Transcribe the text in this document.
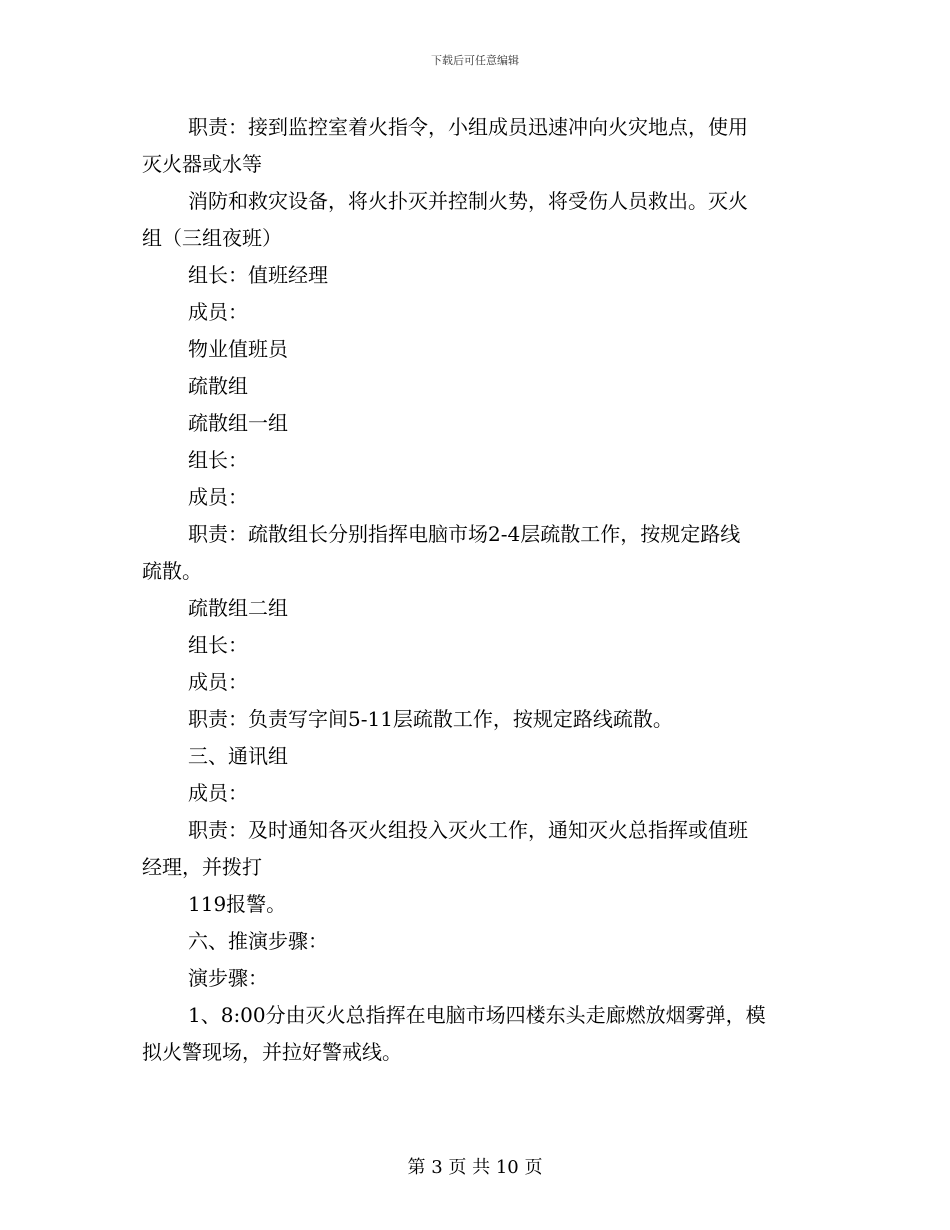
下载后可任意编辑
职责：接到监控室着火指令，小组成员迅速冲向火灾地点，使用
灭火器或水等
消防和救灾设备，将火扑灭并控制火势，将受伤人员救出。灭火
组（三组夜班）
组长：值班经理
成员：
物业值班员
疏散组
疏散组一组
组长：
成员：
职责：疏散组长分别指挥电脑市场2-4层疏散工作，按规定路线
疏散。
疏散组二组
组长：
成员：
职责：负责写字间5-11层疏散工作，按规定路线疏散。
三、通讯组
成员：
职责：及时通知各灭火组投入灭火工作，通知灭火总指挥或值班
经理，并拨打
119报警。
六、推演步骤：
演步骤：
1、8:00分由灭火总指挥在电脑市场四楼东头走廊燃放烟雾弹，模
拟火警现场，并拉好警戒线。
第 3 页 共 10 页
